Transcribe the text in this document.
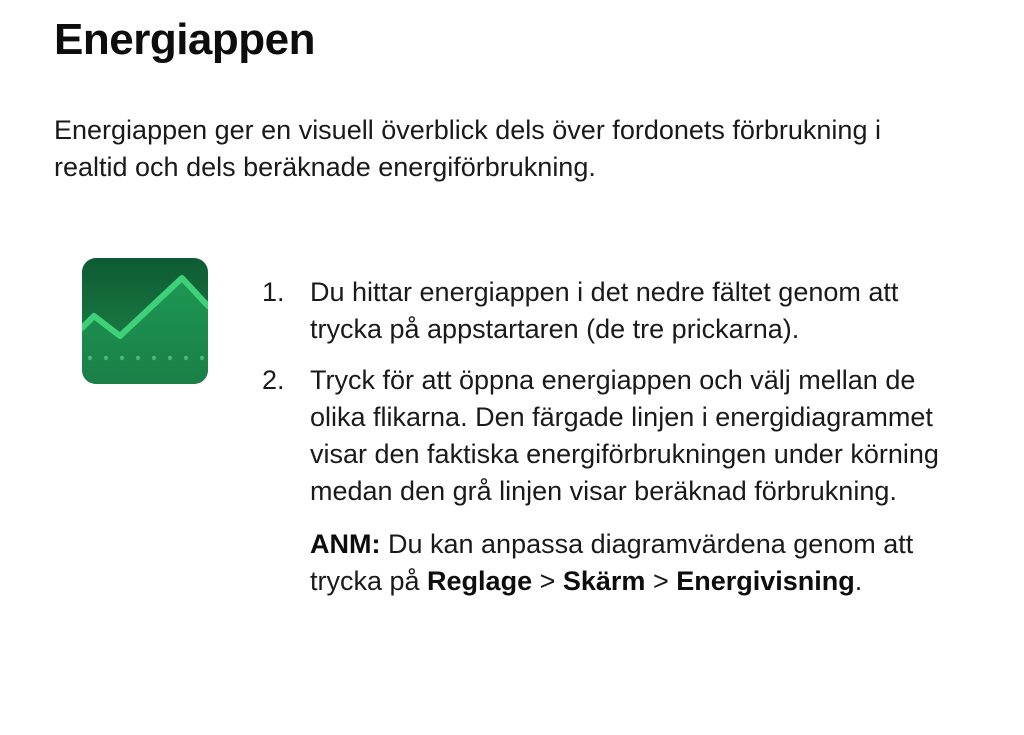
Energiappen

Energiappen ger en visuell överblick dels över fordonets förbrukning i realtid och dels beräknade energiförbrukning.

1. Du hittar energiappen i det nedre fältet genom att trycka på appstartaren (de tre prickarna).
2. Tryck för att öppna energiappen och välj mellan de olika flikarna. Den färgade linjen i energidiagrammet visar den faktiska energiförbrukningen under körning medan den grå linjen visar beräknad förbrukning.
ANM: Du kan anpassa diagramvärdena genom att trycka på Reglage > Skärm > Energivisning.
